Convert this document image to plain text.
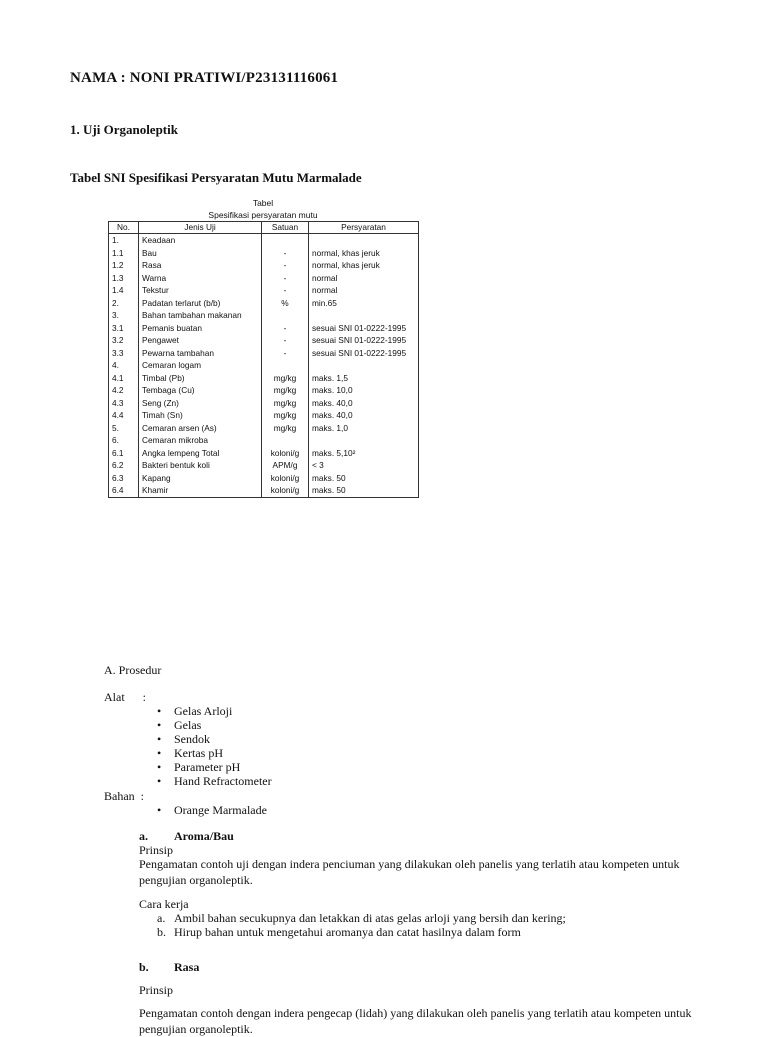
NAMA : NONI PRATIWI/P23131116061
1. Uji Organoleptik
Tabel SNI Spesifikasi Persyaratan Mutu Marmalade
Tabel
Spesifikasi persyaratan mutu
No.	Jenis Uji	Satuan	Persyaratan
1.	Keadaan		
1.1	Bau	-	normal, khas jeruk
1.2	Rasa	-	normal, khas jeruk
1.3	Warna	-	normal
1.4	Tekstur	-	normal
2.	Padatan terlarut (b/b)	%	min.65
3.	Bahan tambahan makanan		
3.1	Pemanis buatan	-	sesuai SNI 01-0222-1995
3.2	Pengawet	-	sesuai SNI 01-0222-1995
3.3	Pewarna tambahan	-	sesuai SNI 01-0222-1995
4.	Cemaran logam		
4.1	Timbal (Pb)	mg/kg	maks. 1,5
4.2	Tembaga (Cu)	mg/kg	maks. 10,0
4.3	Seng (Zn)	mg/kg	maks. 40,0
4.4	Timah (Sn)	mg/kg	maks. 40,0
5.	Cemaran arsen (As)	mg/kg	maks. 1,0
6.	Cemaran mikroba		
6.1	Angka lempeng Total	koloni/g	maks. 5,10²
6.2	Bakteri bentuk koli	APM/g	< 3
6.3	Kapang	koloni/g	maks. 50
6.4	Khamir	koloni/g	maks. 50
A. Prosedur
Alat      :
• Gelas Arloji
• Gelas
• Sendok
• Kertas pH
• Parameter pH
• Hand Refractometer
Bahan  :
• Orange Marmalade
a. Aroma/Bau
Prinsip
Pengamatan contoh uji dengan indera penciuman yang dilakukan oleh panelis yang terlatih atau kompeten untuk pengujian organoleptik.
Cara kerja
a. Ambil bahan secukupnya dan letakkan di atas gelas arloji yang bersih dan kering;
b. Hirup bahan untuk mengetahui aromanya dan catat hasilnya dalam form
b. Rasa
Prinsip
Pengamatan contoh dengan indera pengecap (lidah) yang dilakukan oleh panelis yang terlatih atau kompeten untuk pengujian organoleptik.
